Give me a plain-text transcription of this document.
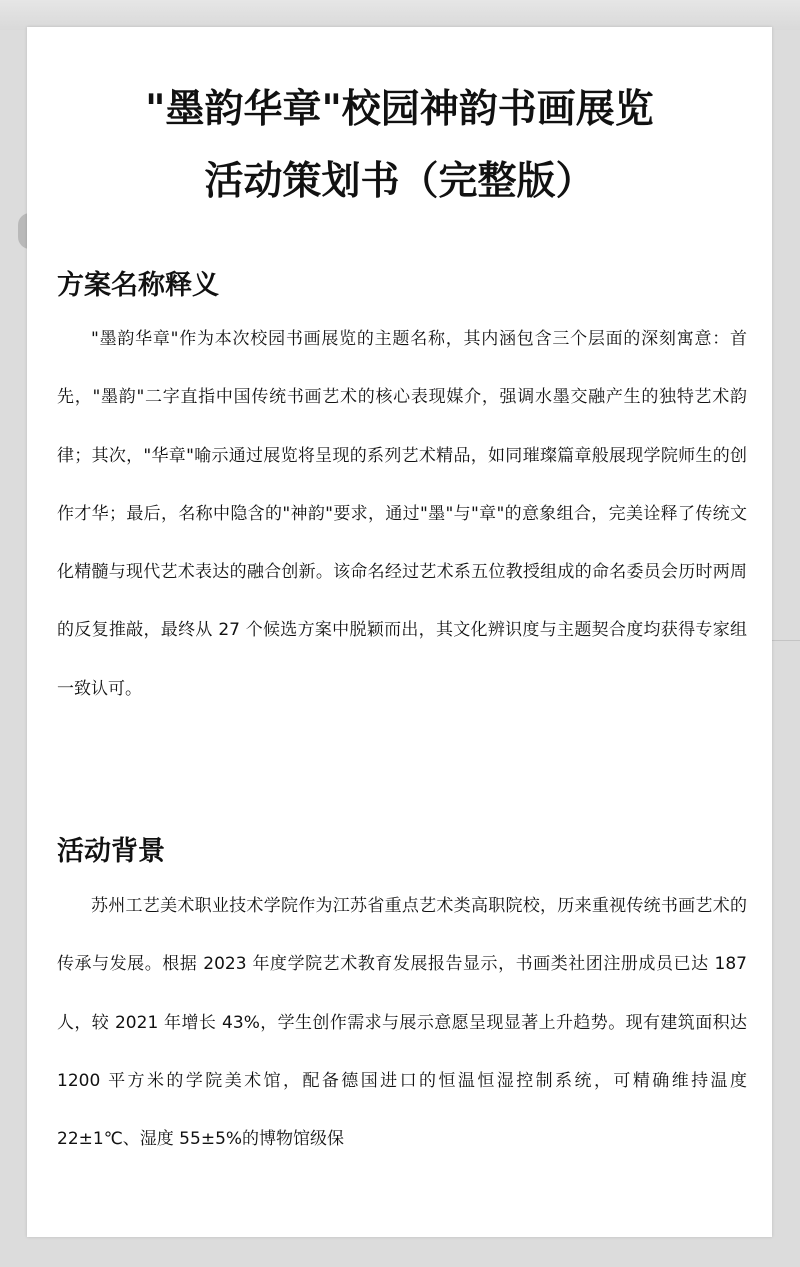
"墨韵华章"校园神韵书画展览
活动策划书（完整版）
方案名称释义

"墨韵华章"作为本次校园书画展览的主题名称，其内涵包含三个层面的深刻寓意：首先，"墨韵"二字直指中国传统书画艺术的核心表现媒介，强调水墨交融产生的独特艺术韵律；其次，"华章"喻示通过展览将呈现的系列艺术精品，如同璀璨篇章般展现学院师生的创作才华；最后，名称中隐含的"神韵"要求，通过"墨"与"章"的意象组合，完美诠释了传统文化精髓与现代艺术表达的融合创新。该命名经过艺术系五位教授组成的命名委员会历时两周的反复推敲，最终从 27 个候选方案中脱颖而出，其文化辨识度与主题契合度均获得专家组一致认可。

活动背景

苏州工艺美术职业技术学院作为江苏省重点艺术类高职院校，历来重视传统书画艺术的传承与发展。根据 2023 年度学院艺术教育发展报告显示，书画类社团注册成员已达 187 人，较 2021 年增长 43%，学生创作需求与展示意愿呈现显著上升趋势。现有建筑面积达 1200 平方米的学院美术馆，配备德国进口的恒温恒湿控制系统，可精确维持温度 22±1℃、湿度 55±5%的博物馆级保
